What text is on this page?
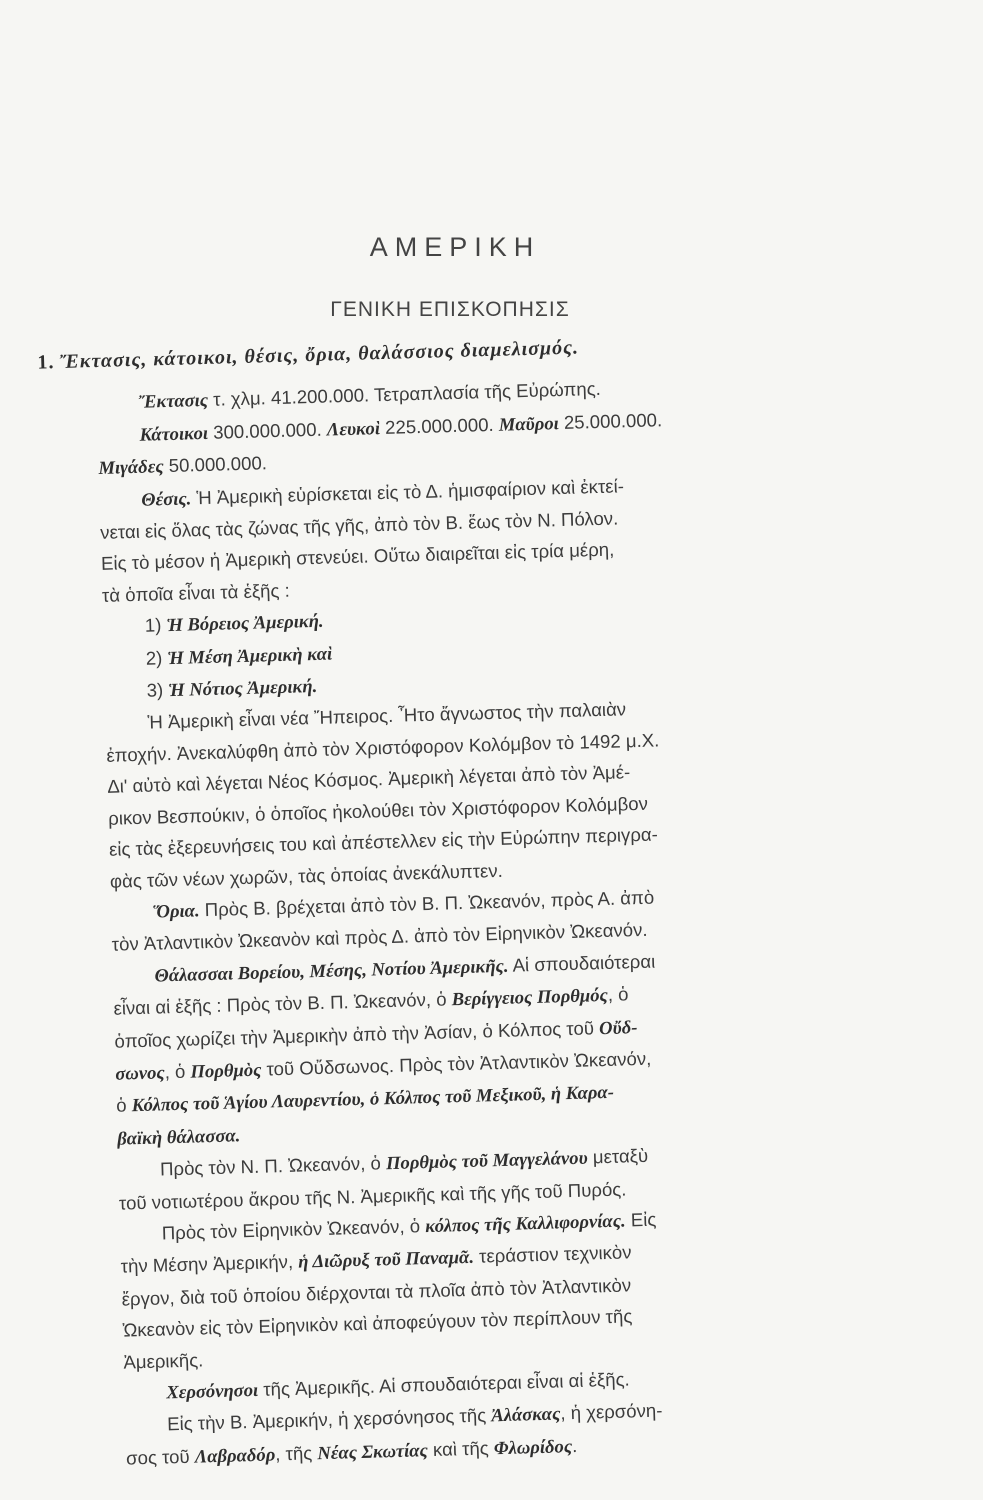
ΑΜΕΡΙΚΗ
ΓΕΝΙΚΗ ΕΠΙΣΚΟΠΗΣΙΣ
1. Ἔκτασις, κάτοικοι, θέσις, ὄρια, θαλάσσιος διαμελισμός.
Ἔκτασις τ. χλμ. 41.200.000. Τετραπλασία τῆς Εὐρώπης.
Κάτοικοι 300.000.000. Λευκοὶ 225.000.000. Μαῦροι 25.000.000.
Μιγάδες 50.000.000.
Θέσις. Ἡ Ἀμερικὴ εὑρίσκεται εἰς τὸ Δ. ἡμισφαίριον καὶ ἐκτεί-
νεται εἰς ὅλας τὰς ζώνας τῆς γῆς, ἀπὸ τὸν Β. ἕως τὸν Ν. Πόλον.
Εἰς τὸ μέσον ἡ Ἀμερικὴ στενεύει. Οὕτω διαιρεῖται εἰς τρία μέρη,
τὰ ὁποῖα εἶναι τὰ ἑξῆς :
1) Ἡ Βόρειος Ἀμερική.
2) Ἡ Μέση Ἀμερικὴ καὶ
3) Ἡ Νότιος Ἀμερική.
Ἡ Ἀμερικὴ εἶναι νέα Ἤπειρος. Ἦτο ἄγνωστος τὴν παλαιὰν
ἐποχήν. Ἀνεκαλύφθη ἀπὸ τὸν Χριστόφορον Κολόμβον τὸ 1492 μ.Χ.
Δι' αὐτὸ καὶ λέγεται Νέος Κόσμος. Ἀμερικὴ λέγεται ἀπὸ τὸν Ἀμέ-
ρικον Βεσπούκιν, ὁ ὁποῖος ἠκολούθει τὸν Χριστόφορον Κολόμβον
εἰς τὰς ἐξερευνήσεις του καὶ ἀπέστελλεν εἰς τὴν Εὐρώπην περιγρα-
φὰς τῶν νέων χωρῶν, τὰς ὁποίας ἀνεκάλυπτεν.
Ὅρια. Πρὸς Β. βρέχεται ἀπὸ τὸν Β. Π. Ὠκεανόν, πρὸς Α. ἀπὸ
τὸν Ἀτλαντικὸν Ὠκεανὸν καὶ πρὸς Δ. ἀπὸ τὸν Εἰρηνικὸν Ὠκεανόν.
Θάλασσαι Βορείου, Μέσης, Νοτίου Ἀμερικῆς. Αἱ σπουδαιότεραι
εἶναι αἱ ἑξῆς : Πρὸς τὸν Β. Π. Ὠκεανόν, ὁ Βερίγγειος Πορθμός, ὁ
ὁποῖος χωρίζει τὴν Ἀμερικὴν ἀπὸ τὴν Ἀσίαν, ὁ Κόλπος τοῦ Οὔδ-
σωνος, ὁ Πορθμὸς τοῦ Οὔδσωνος. Πρὸς τὸν Ἀτλαντικὸν Ὠκεανόν,
ὁ Κόλπος τοῦ Ἁγίου Λαυρεντίου, ὁ Κόλπος τοῦ Μεξικοῦ, ἡ Καρα-
βαϊκὴ θάλασσα.
Πρὸς τὸν Ν. Π. Ὠκεανόν, ὁ Πορθμὸς τοῦ Μαγγελάνου μεταξὺ
τοῦ νοτιωτέρου ἄκρου τῆς Ν. Ἀμερικῆς καὶ τῆς γῆς τοῦ Πυρός.
Πρὸς τὸν Εἰρηνικὸν Ὠκεανόν, ὁ κόλπος τῆς Καλλιφορνίας. Εἰς
τὴν Μέσην Ἀμερικήν, ἡ Διῶρυξ τοῦ Παναμᾶ. τεράστιον τεχνικὸν
ἔργον, διὰ τοῦ ὁποίου διέρχονται τὰ πλοῖα ἀπὸ τὸν Ἀτλαντικὸν
Ὠκεανὸν εἰς τὸν Εἰρηνικὸν καὶ ἀποφεύγουν τὸν περίπλουν τῆς
Ἀμερικῆς.
Χερσόνησοι τῆς Ἀμερικῆς. Αἱ σπουδαιότεραι εἶναι αἱ ἑξῆς.
Εἰς τὴν Β. Ἀμερικήν, ἡ χερσόνησος τῆς Ἀλάσκας, ἡ χερσόνη-
σος τοῦ Λαβραδόρ, τῆς Νέας Σκωτίας καὶ τῆς Φλωρίδος.
